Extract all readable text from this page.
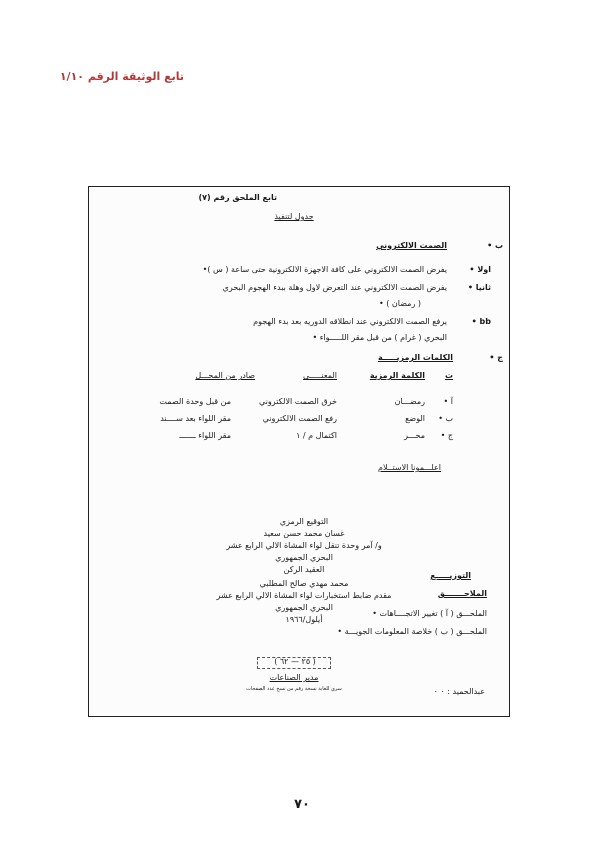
تابع الوثيقة الرقم ١/١٠
تابع الملحق رقم (٧)
جدول لتنفيذ
ب •
الصمت الالكتروني
اولا •
يفرض الصمت الالكتروني على كافة الاجهزة الالكترونية حتى ساعة ( س )•
ثانيا •
يفرض الصمت الالكتروني عند التعرض لاول وهلة ببدء الهجوم البحري
( رمضان ) •
bb •
يرفع الصمت الالكتروني عند انطلاقه الدوريه بعد بدء الهجوم
البحري ( غرام ) من قبل مقر اللـــــواء •
ج •
الكلمات الرمزيـــــة
ت
الكلمة الرمزية
المعنـــــى
صادر من المحـــل
آ •
رمضـــان
خرق الصمت الالكتروني
من قبل وحدة الصمت
ب •
الوضع
رفع الصمت الالكتروني
مقر اللواء بعد ســــند
ج •
محـــر
اكتمال م / ١
مقر اللواء ـــــــ
اعلـــمونا الاستــلام
التوقيع الرمزي
غسان محمد حسن سعيد
و/ آمر وحدة تنقل لواء المشاة الالي الرابع عشر
البحري الجمهوري
العقيد الركن
محمد مهدي صالح المطلبي
مقدم ضابط استخبارات لواء المشاة الالي الرابع عشر
البحري الجمهوري
أيلول/١٩٦٦
التوزيـــــع
الملاحـــــــق
الملحـــق ( آ ) تغيير الاتجــــاهات •
الملحـــق ( ب ) خلاصة المعلومات الجويـــة •
( ٢٥ — ٦٢ )
مدير الصناعات
سري للغاية نسخة رقم من نسخ عدد الصفحات	عبدالحميد : ٠ ٠
٧٠
